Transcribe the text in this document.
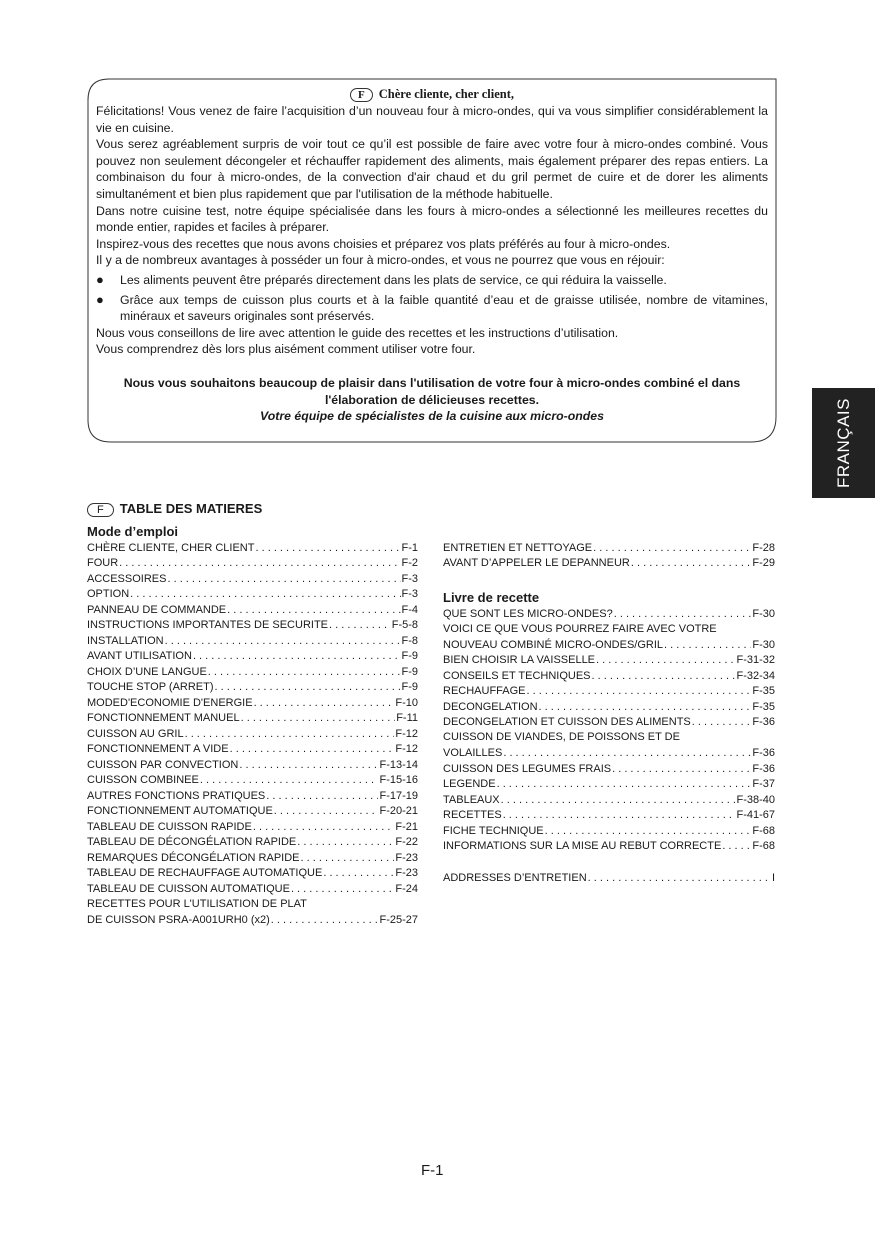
F Chère cliente, cher client,

Félicitations! Vous venez de faire l’acquisition d’un nouveau four à micro-ondes, qui va vous simplifier considérablement la vie en cuisine.

Vous serez agréablement surpris de voir tout ce qu’il est possible de faire avec votre four à micro-ondes combiné. Vous pouvez non seulement décongeler et réchauffer rapidement des aliments, mais également préparer des repas entiers. La combinaison du four à micro-ondes, de la convection d'air chaud et du gril permet de cuire et de dorer les aliments simultanément et bien plus rapidement que par l'utilisation de la méthode habituelle.

Dans notre cuisine test, notre équipe spécialisée dans les fours à micro-ondes a sélectionné les meilleures recettes du monde entier, rapides et faciles à préparer.

Inspirez-vous des recettes que nous avons choisies et préparez vos plats préférés au four à micro-ondes.

Il y a de nombreux avantages à posséder un four à micro-ondes, et vous ne pourrez que vous en réjouir:

●	Les aliments peuvent être préparés directement dans les plats de service, ce qui réduira la vaisselle.
●	Grâce aux temps de cuisson plus courts et à la faible quantité d’eau et de graisse utilisée, nombre de vitamines, minéraux et saveurs originales sont préservés.

Nous vous conseillons de lire avec attention le guide des recettes et les instructions d’utilisation.

Vous comprendrez dès lors plus aisément comment utiliser votre four.

Nous vous souhaitons beaucoup de plaisir dans l'utilisation de votre four à micro-ondes combiné el dans l'élaboration de délicieuses recettes.

Votre équipe de spécialistes de la cuisine aux micro-ondes	FRANÇAIS
F TABLE DES MATIERES
Mode d’emploi
CHÈRE CLIENTE, CHER CLIENT . . .	F-1
FOUR . . .	F-2
ACCESSOIRES . . .	F-3
OPTION . . .	F-3
PANNEAU DE COMMANDE . . .	F-4
INSTRUCTIONS IMPORTANTES DE SECURITE . . .	F-5-8
INSTALLATION . . .	F-8
AVANT UTILISATION . . .	F-9
CHOIX D’UNE LANGUE . . .	F-9
TOUCHE STOP (ARRET) . . .	F-9
MODED'ECONOMIE D'ENERGIE . . .	F-10
FONCTIONNEMENT MANUEL . . .	F-11
CUISSON AU GRIL . . .	F-12
FONCTIONNEMENT A VIDE . . .	F-12
CUISSON PAR CONVECTION . . .	F-13-14
CUISSON COMBINEE . . .	F-15-16
AUTRES FONCTIONS PRATIQUES . . .	F-17-19
FONCTIONNEMENT AUTOMATIQUE . . .	F-20-21
TABLEAU DE CUISSON RAPIDE . . .	F-21
TABLEAU DE DÉCONGÉLATION RAPIDE . . .	F-22
REMARQUES DÉCONGÉLATION RAPIDE . . .	F-23
TABLEAU DE RECHAUFFAGE AUTOMATIQUE . . .	F-23
TABLEAU DE CUISSON AUTOMATIQUE . . .	F-24
RECETTES POUR L'UTILISATION DE PLAT
DE CUISSON PSRA-A001URH0 (x2) . . .	F-25-27
ENTRETIEN ET NETTOYAGE . . .	F-28
AVANT D’APPELER LE DEPANNEUR . . .	F-29
Livre de recette
QUE SONT LES MICRO-ONDES? . . .	F-30
VOICI CE QUE VOUS POURREZ FAIRE AVEC VOTRE
NOUVEAU COMBINÉ MICRO-ONDES/GRIL . . .	F-30
BIEN CHOISIR LA VAISSELLE . . .	F-31-32
CONSEILS ET TECHNIQUES . . .	F-32-34
RECHAUFFAGE . . .	F-35
DECONGELATION . . .	F-35
DECONGELATION ET CUISSON DES ALIMENTS . . .	F-36
CUISSON DE VIANDES, DE POISSONS ET DE
VOLAILLES . . .	F-36
CUISSON DES LEGUMES FRAIS . . .	F-36
LEGENDE . . .	F-37
TABLEAUX . . .	F-38-40
RECETTES . . .	F-41-67
FICHE TECHNIQUE . . .	F-68
INFORMATIONS SUR LA MISE AU REBUT CORRECTE . . .	F-68
ADDRESSES D’ENTRETIEN . . .	I
F-1
